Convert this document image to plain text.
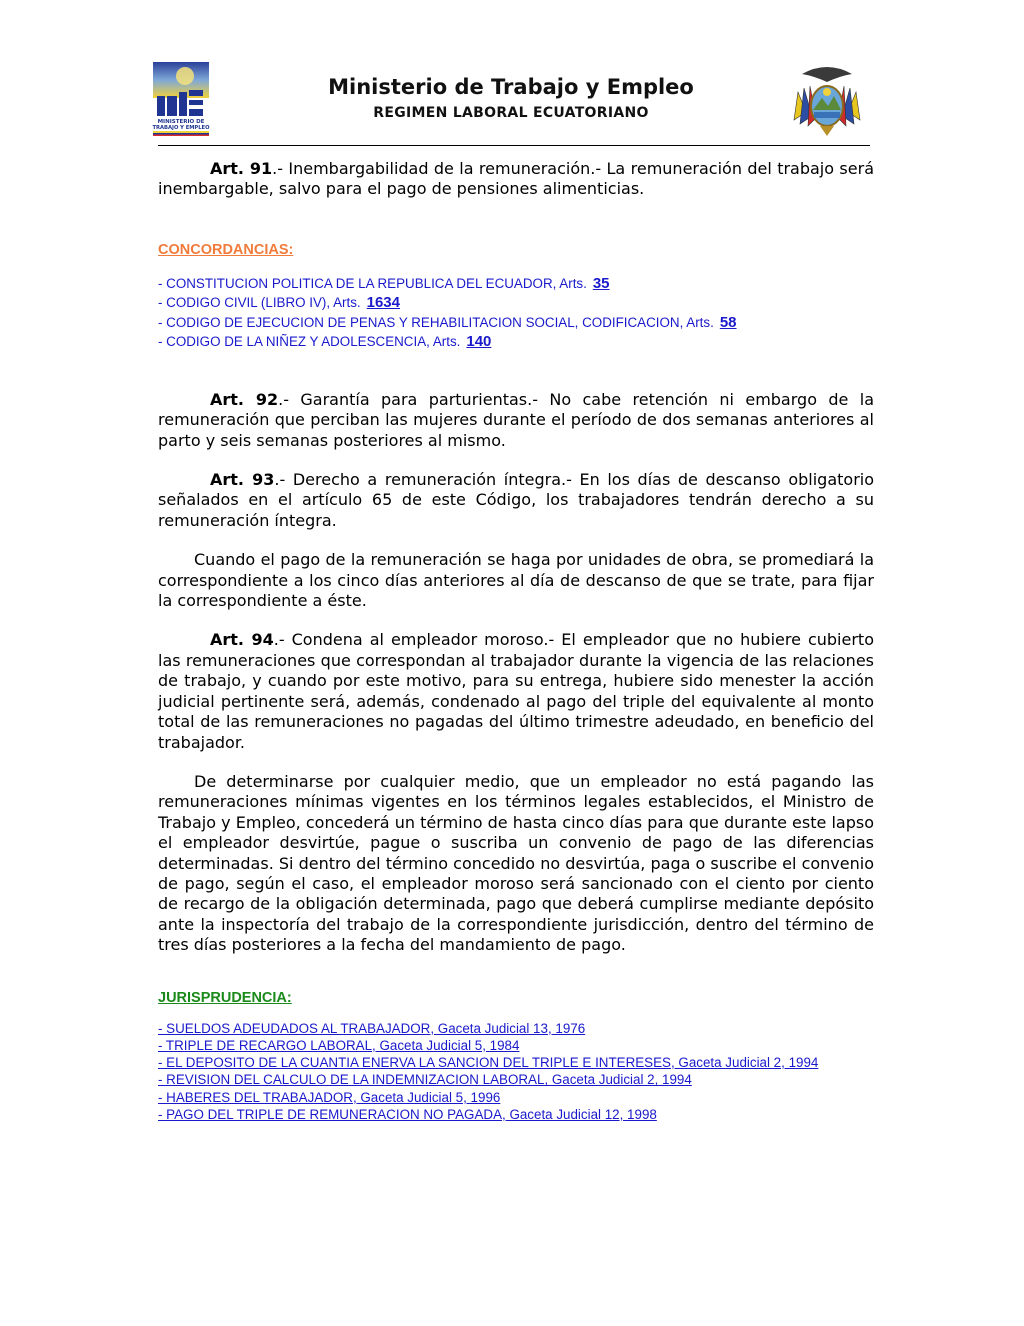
MINISTERIO DE
TRABAJO Y EMPLEO
Ministerio de Trabajo y Empleo
REGIMEN LABORAL ECUATORIANO

Art. 91.- Inembargabilidad de la remuneración.- La remuneración del trabajo será inembargable, salvo para el pago de pensiones alimenticias.

CONCORDANCIAS:

- CONSTITUCION POLITICA DE LA REPUBLICA DEL ECUADOR, Arts. 35
- CODIGO CIVIL (LIBRO IV), Arts. 1634
- CODIGO DE EJECUCION DE PENAS Y REHABILITACION SOCIAL, CODIFICACION, Arts. 58
- CODIGO DE LA NIÑEZ Y ADOLESCENCIA, Arts. 140

Art. 92.- Garantía para parturientas.- No cabe retención ni embargo de la remuneración que perciban las mujeres durante el período de dos semanas anteriores al parto y seis semanas posteriores al mismo.

Art. 93.- Derecho a remuneración íntegra.- En los días de descanso obligatorio señalados en el artículo 65 de este Código, los trabajadores tendrán derecho a su remuneración íntegra.

Cuando el pago de la remuneración se haga por unidades de obra, se promediará la correspondiente a los cinco días anteriores al día de descanso de que se trate, para fijar la correspondiente a éste.

Art. 94.- Condena al empleador moroso.- El empleador que no hubiere cubierto las remuneraciones que correspondan al trabajador durante la vigencia de las relaciones de trabajo, y cuando por este motivo, para su entrega, hubiere sido menester la acción judicial pertinente será, además, condenado al pago del triple del equivalente al monto total de las remuneraciones no pagadas del último trimestre adeudado, en beneficio del trabajador.

De determinarse por cualquier medio, que un empleador no está pagando las remuneraciones mínimas vigentes en los términos legales establecidos, el Ministro de Trabajo y Empleo, concederá un término de hasta cinco días para que durante este lapso el empleador desvirtúe, pague o suscriba un convenio de pago de las diferencias determinadas. Si dentro del término concedido no desvirtúa, paga o suscribe el convenio de pago, según el caso, el empleador moroso será sancionado con el ciento por ciento de recargo de la obligación determinada, pago que deberá cumplirse mediante depósito ante la inspectoría del trabajo de la correspondiente jurisdicción, dentro del término de tres días posteriores a la fecha del mandamiento de pago.

JURISPRUDENCIA:

- SUELDOS ADEUDADOS AL TRABAJADOR, Gaceta Judicial 13, 1976
- TRIPLE DE RECARGO LABORAL, Gaceta Judicial 5, 1984
- EL DEPOSITO DE LA CUANTIA ENERVA LA SANCION DEL TRIPLE E INTERESES, Gaceta Judicial 2, 1994
- REVISION DEL CALCULO DE LA INDEMNIZACION LABORAL, Gaceta Judicial 2, 1994
- HABERES DEL TRABAJADOR, Gaceta Judicial 5, 1996
- PAGO DEL TRIPLE DE REMUNERACION NO PAGADA, Gaceta Judicial 12, 1998
